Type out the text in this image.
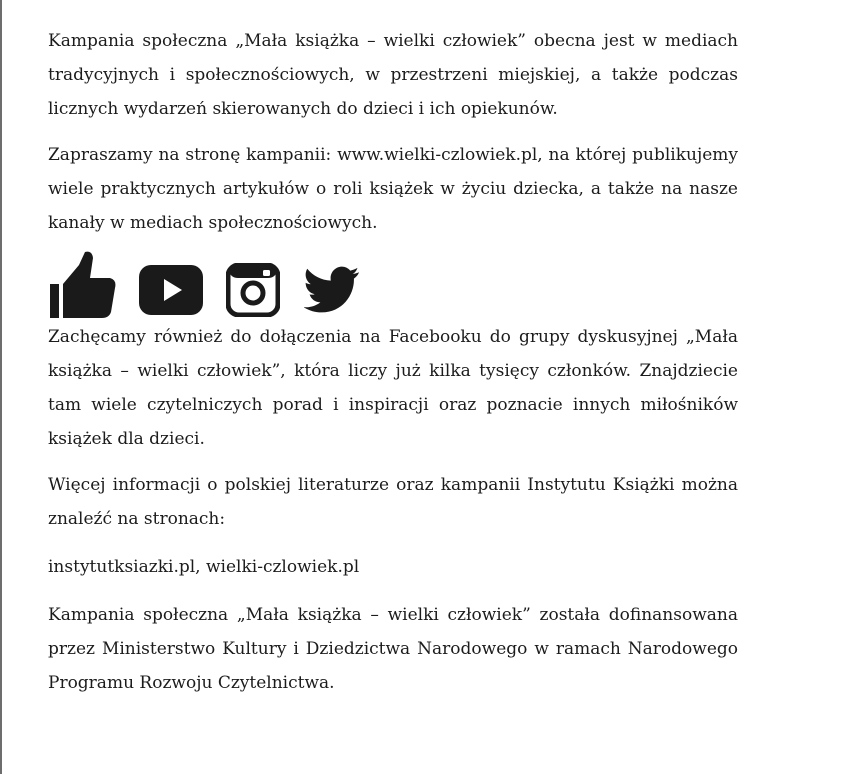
Kampania społeczna „Mała książka – wielki człowiek” obecna jest w mediach tradycyjnych i społecznościowych, w przestrzeni miejskiej, a także podczas licznych wydarzeń skierowanych do dzieci i ich opiekunów.

Zapraszamy na stronę kampanii: www.wielki-czlowiek.pl, na której publikujemy wiele praktycznych artykułów o roli książek w życiu dziecka, a także na nasze kanały w mediach społecznościowych.

Zachęcamy również do dołączenia na Facebooku do grupy dyskusyjnej „Mała książka – wielki człowiek”, która liczy już kilka tysięcy członków. Znajdziecie tam wiele czytelniczych porad i inspiracji oraz poznacie innych miłośników książek dla dzieci.

Więcej informacji o polskiej literaturze oraz kampanii Instytutu Książki można znaleźć na stronach:

instytutksiazki.pl, wielki-czlowiek.pl

Kampania społeczna „Mała książka – wielki człowiek” została dofinansowana przez Ministerstwo Kultury i Dziedzictwa Narodowego w ramach Narodowego Programu Rozwoju Czytelnictwa.
